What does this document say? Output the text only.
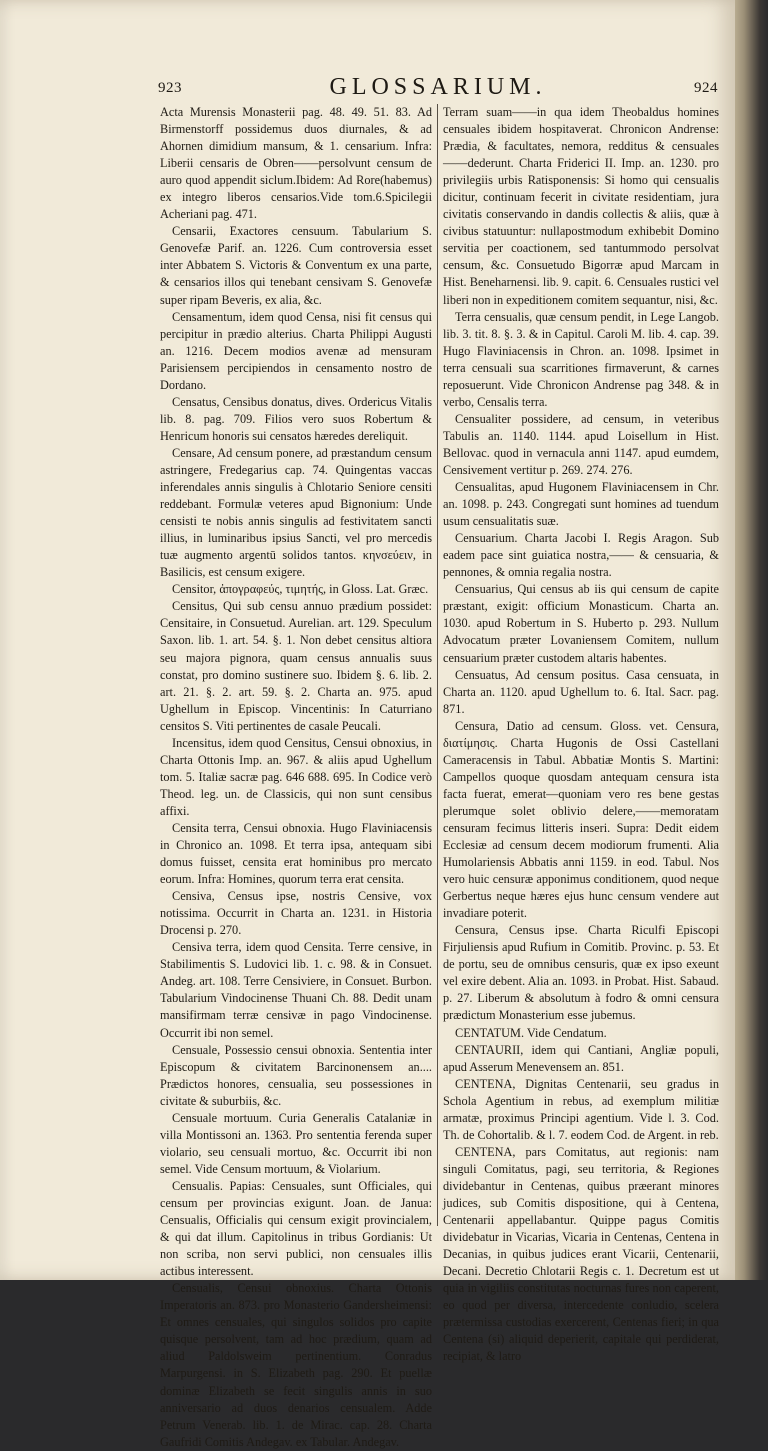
923	GLOSSARIUM.	924

Acta Murensis Monasterii pag. 48. 49. 51. 83. Ad Birmenstorff possidemus duos diurnales, & ad Ahornen dimidium mansum, & 1. censarium. Infra: Liberii censaris de Obren——persolvunt censum de auro quod appendit siclum.Ibidem: Ad Rore(habemus) ex integro liberos censarios.Vide tom.6.Spicilegii Acheriani pag. 471.

Censarii, Exactores censuum. Tabularium S. Genovefæ Parif. an. 1226. Cum controversia esset inter Abbatem S. Victoris & Conventum ex una parte, & censarios illos qui tenebant censivam S. Genovefæ super ripam Beveris, ex alia, &c.

Censamentum, idem quod Censa, nisi fit census qui percipitur in prædio alterius. Charta Philippi Augusti an. 1216. Decem modios avenæ ad mensuram Parisiensem percipiendos in censamento nostro de Dordano.

Censatus, Censibus donatus, dives. Ordericus Vitalis lib. 8. pag. 709. Filios vero suos Robertum & Henricum honoris sui censatos hæredes dereliquit.

Censare, Ad censum ponere, ad præstandum censum astringere, Fredegarius cap. 74. Quingentas vaccas inferendales annis singulis à Chlotario Seniore censiti reddebant. Formulæ veteres apud Bignonium: Unde censisti te nobis annis singulis ad festivitatem sancti illius, in luminaribus ipsius Sancti, vel pro mercedis tuæ augmento argentū solidos tantos. κηνσεύειν, in Basilicis, est censum exigere.

Censitor, ἀπογραφεύς, τιμητής, in Gloss. Lat. Græc.

Censitus, Qui sub censu annuo prædium possidet: Censitaire, in Consuetud. Aurelian. art. 129. Speculum Saxon. lib. 1. art. 54. §. 1. Non debet censitus altiora seu majora pignora, quam census annualis suus constat, pro domino sustinere suo. Ibidem §. 6. lib. 2. art. 21. §. 2. art. 59. §. 2. Charta an. 975. apud Ughellum in Episcop. Vincentinis: In Caturriano censitos S. Viti pertinentes de casale Peucali.

Incensitus, idem quod Censitus, Censui obnoxius, in Charta Ottonis Imp. an. 967. & aliis apud Ughellum tom. 5. Italiæ sacræ pag. 646 688. 695. In Codice verò Theod. leg. un. de Classicis, qui non sunt censibus affixi.

Censita terra, Censui obnoxia. Hugo Flaviniacensis in Chronico an. 1098. Et terra ipsa, antequam sibi domus fuisset, censita erat hominibus pro mercato eorum. Infra: Homines, quorum terra erat censita.

Censiva, Census ipse, nostris Censive, vox notissima. Occurrit in Charta an. 1231. in Historia Drocensi p. 270.

Censiva terra, idem quod Censita. Terre censive, in Stabilimentis S. Ludovici lib. 1. c. 98. & in Consuet. Andeg. art. 108. Terre Censiviere, in Consuet. Burbon. Tabularium Vindocinense Thuani Ch. 88. Dedit unam mansifirmam terræ censivæ in pago Vindocinense. Occurrit ibi non semel.

Censuale, Possessio censui obnoxia. Sententia inter Episcopum & civitatem Barcinonensem an.... Prædictos honores, censualia, seu possessiones in civitate & suburbiis, &c.

Censuale mortuum. Curia Generalis Catalaniæ in villa Montissoni an. 1363. Pro sententia ferenda super violario, seu censuali mortuo, &c. Occurrit ibi non semel. Vide Censum mortuum, & Violarium.

Censualis. Papias: Censuales, sunt Officiales, qui censum per provincias exigunt. Joan. de Janua: Censualis, Officialis qui censum exigit provincialem, & qui dat illum. Capitolinus in tribus Gordianis: Ut non scriba, non servi publici, non censuales illis actibus interessent.

Censualis, Censui obnoxius. Charta Ottonis Imperatoris an. 873. pro Monasterio Gandersheimensi: Et omnes censuales, qui singulos solidos pro capite quisque persolvent, tam ad hoc prædium, quam ad aliud Paldolsweim pertinentium. Conradus Marpurgensi. in S. Elizabeth pag. 290. Et puellæ dominæ Elizabeth se fecit singulis annis in suo anniversario ad duos denarios censualem. Adde Petrum Venerab. lib. 1. de Mirac. cap. 28. Charta Gaufridi Comitis Andegav. ex Tabular. Andegav.

Terram suam——in qua idem Theobaldus homines censuales ibidem hospitaverat. Chronicon Andrense: Prædia, & facultates, nemora, redditus & censuales——dederunt. Charta Friderici II. Imp. an. 1230. pro privilegiis urbis Ratisponensis: Si homo qui censualis dicitur, continuam fecerit in civitate residentiam, jura civitatis conservando in dandis collectis & aliis, quæ à civibus statuuntur: nullapostmodum exhibebit Domino servitia per coactionem, sed tantummodo persolvat censum, &c. Consuetudo Bigorræ apud Marcam in Hist. Beneharnensi. lib. 9. capit. 6. Censuales rustici vel liberi non in expeditionem comitem sequantur, nisi, &c.

Terra censualis, quæ censum pendit, in Lege Langob. lib. 3. tit. 8. §. 3. & in Capitul. Caroli M. lib. 4. cap. 39. Hugo Flaviniacensis in Chron. an. 1098. Ipsimet in terra censuali sua scarritiones firmaverunt, & carnes reposuerunt. Vide Chronicon Andrense pag 348. & in verbo, Censalis terra.

Censualiter possidere, ad censum, in veteribus Tabulis an. 1140. 1144. apud Loisellum in Hist. Bellovac. quod in vernacula anni 1147. apud eumdem, Censivement vertitur p. 269. 274. 276.

Censualitas, apud Hugonem Flaviniacensem in Chr. an. 1098. p. 243. Congregati sunt homines ad tuendum usum censualitatis suæ.

Censuarium. Charta Jacobi I. Regis Aragon. Sub eadem pace sint guiatica nostra,—— & censuaria, & pennones, & omnia regalia nostra.

Censuarius, Qui census ab iis qui censum de capite præstant, exigit: officium Monasticum. Charta an. 1030. apud Robertum in S. Huberto p. 293. Nullum Advocatum præter Lovaniensem Comitem, nullum censuarium præter custodem altaris habentes.

Censuatus, Ad censum positus. Casa censuata, in Charta an. 1120. apud Ughellum to. 6. Ital. Sacr. pag. 871.

Censura, Datio ad censum. Gloss. vet. Censura, διατίμησις. Charta Hugonis de Ossi Castellani Cameracensis in Tabul. Abbatiæ Montis S. Martini: Campellos quoque quosdam antequam censura ista facta fuerat, emerat—quoniam vero res bene gestas plerumque solet oblivio delere,——memoratam censuram fecimus litteris inseri. Supra: Dedit eidem Ecclesiæ ad censum decem modiorum frumenti. Alia Humolariensis Abbatis anni 1159. in eod. Tabul. Nos vero huic censuræ apponimus conditionem, quod neque Gerbertus neque hæres ejus hunc censum vendere aut invadiare poterit.

Censura, Census ipse. Charta Riculfi Episcopi Firjuliensis apud Rufium in Comitib. Provinc. p. 53. Et de portu, seu de omnibus censuris, quæ ex ipso exeunt vel exire debent. Alia an. 1093. in Probat. Hist. Sabaud. p. 27. Liberum & absolutum à fodro & omni censura prædictum Monasterium esse jubemus.

CENTATUM. Vide Cendatum.

CENTAURII, idem qui Cantiani, Angliæ populi, apud Asserum Menevensem an. 851.

CENTENA, Dignitas Centenarii, seu gradus in Schola Agentium in rebus, ad exemplum militiæ armatæ, proximus Principi agentium. Vide l. 3. Cod. Th. de Cohortalib. & l. 7. eodem Cod. de Argent. in reb.

CENTENA, pars Comitatus, aut regionis: nam singuli Comitatus, pagi, seu territoria, & Regiones dividebantur in Centenas, quibus præerant minores judices, sub Comitis dispositione, qui à Centena, Centenarii appellabantur. Quippe pagus Comitis dividebatur in Vicarias, Vicaria in Centenas, Centena in Decanias, in quibus judices erant Vicarii, Centenarii, Decani. Decretio Chlotarii Regis c. 1. Decretum est ut quia in vigiliis constitutas nocturnas fures non caperent, eo quod per diversa, intercedente conludio, scelera prætermissa custodias exercerent, Centenas fieri; in qua Centena (si) aliquid deperierit, capitale qui perdiderat, recipiat, & latro
